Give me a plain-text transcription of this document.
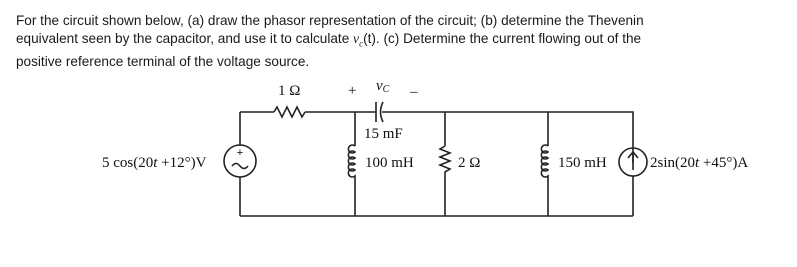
For the circuit shown below, (a) draw the phasor representation of the circuit; (b) determine the Thevenin
equivalent seen by the capacitor, and use it to calculate $v_c(t)$. (c) Determine the current flowing out of the
positive reference terminal of the voltage source.
+
1 Ω	+ vC –
15 mF
5 cos(20t +12°)V	100 mH	2 Ω	150 mH	2sin(20t +45°)A
